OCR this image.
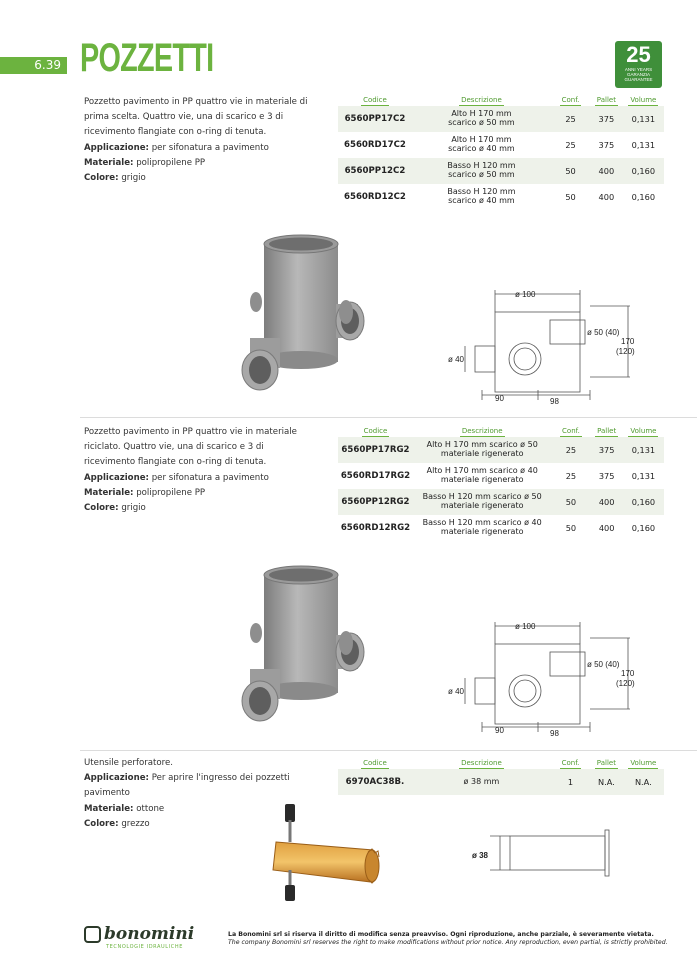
6.39 POZZETTI	25
ANNI YEARS
GARANZIA
GUARANTEE
Pozzetto pavimento in PP quattro vie in materiale di prima scelta. Quattro vie, una di scarico e 3 di ricevimento flangiate con o-ring di tenuta.
Applicazione: per sifonatura a pavimento
Materiale: polipropilene PP
Colore: grigio
Codice	Descrizione	Conf.	Pallet	Volume
6560PP17C2	Alto H 170 mm
scarico ø 50 mm	25	375	0,131
6560RD17C2	Alto H 170 mm
scarico ø 40 mm	25	375	0,131
6560PP12C2	Basso H 120 mm
scarico ø 50 mm	50	400	0,160
6560RD12C2	Basso H 120 mm
scarico ø 40 mm	50	400	0,160
ø 100
ø 50 (40)
170
(120)
ø 40
90	98
Pozzetto pavimento in PP quattro vie in materiale riciclato. Quattro vie, una di scarico e 3 di ricevimento flangiate con o-ring di tenuta.
Applicazione: per sifonatura a pavimento
Materiale: polipropilene PP
Colore: grigio
Codice	Descrizione	Conf.	Pallet	Volume
6560PP17RG2	Alto H 170 mm scarico ø 50
materiale rigenerato	25	375	0,131
6560RD17RG2	Alto H 170 mm scarico ø 40
materiale rigenerato	25	375	0,131
6560PP12RG2	Basso H 120 mm scarico ø 50
materiale rigenerato	50	400	0,160
6560RD12RG2	Basso H 120 mm scarico ø 40
materiale rigenerato	50	400	0,160
ø 100
ø 50 (40)
170
(120)
ø 40
90	98
Utensile perforatore.
Applicazione: Per aprire l'ingresso dei pozzetti pavimento
Materiale: ottone
Colore: grezzo
Codice	Descrizione	Conf.	Pallet	Volume
6970AC38B.	ø 38 mm	1	N.A.	N.A.
ø 38
bonomini
TECNOLOGIE IDRAULICHE
La Bonomini srl si riserva il diritto di modifica senza preavviso. Ogni riproduzione, anche parziale, è severamente vietata.
The company Bonomini srl reserves the right to make modifications without prior notice. Any reproduction, even partial, is strictly prohibited.
